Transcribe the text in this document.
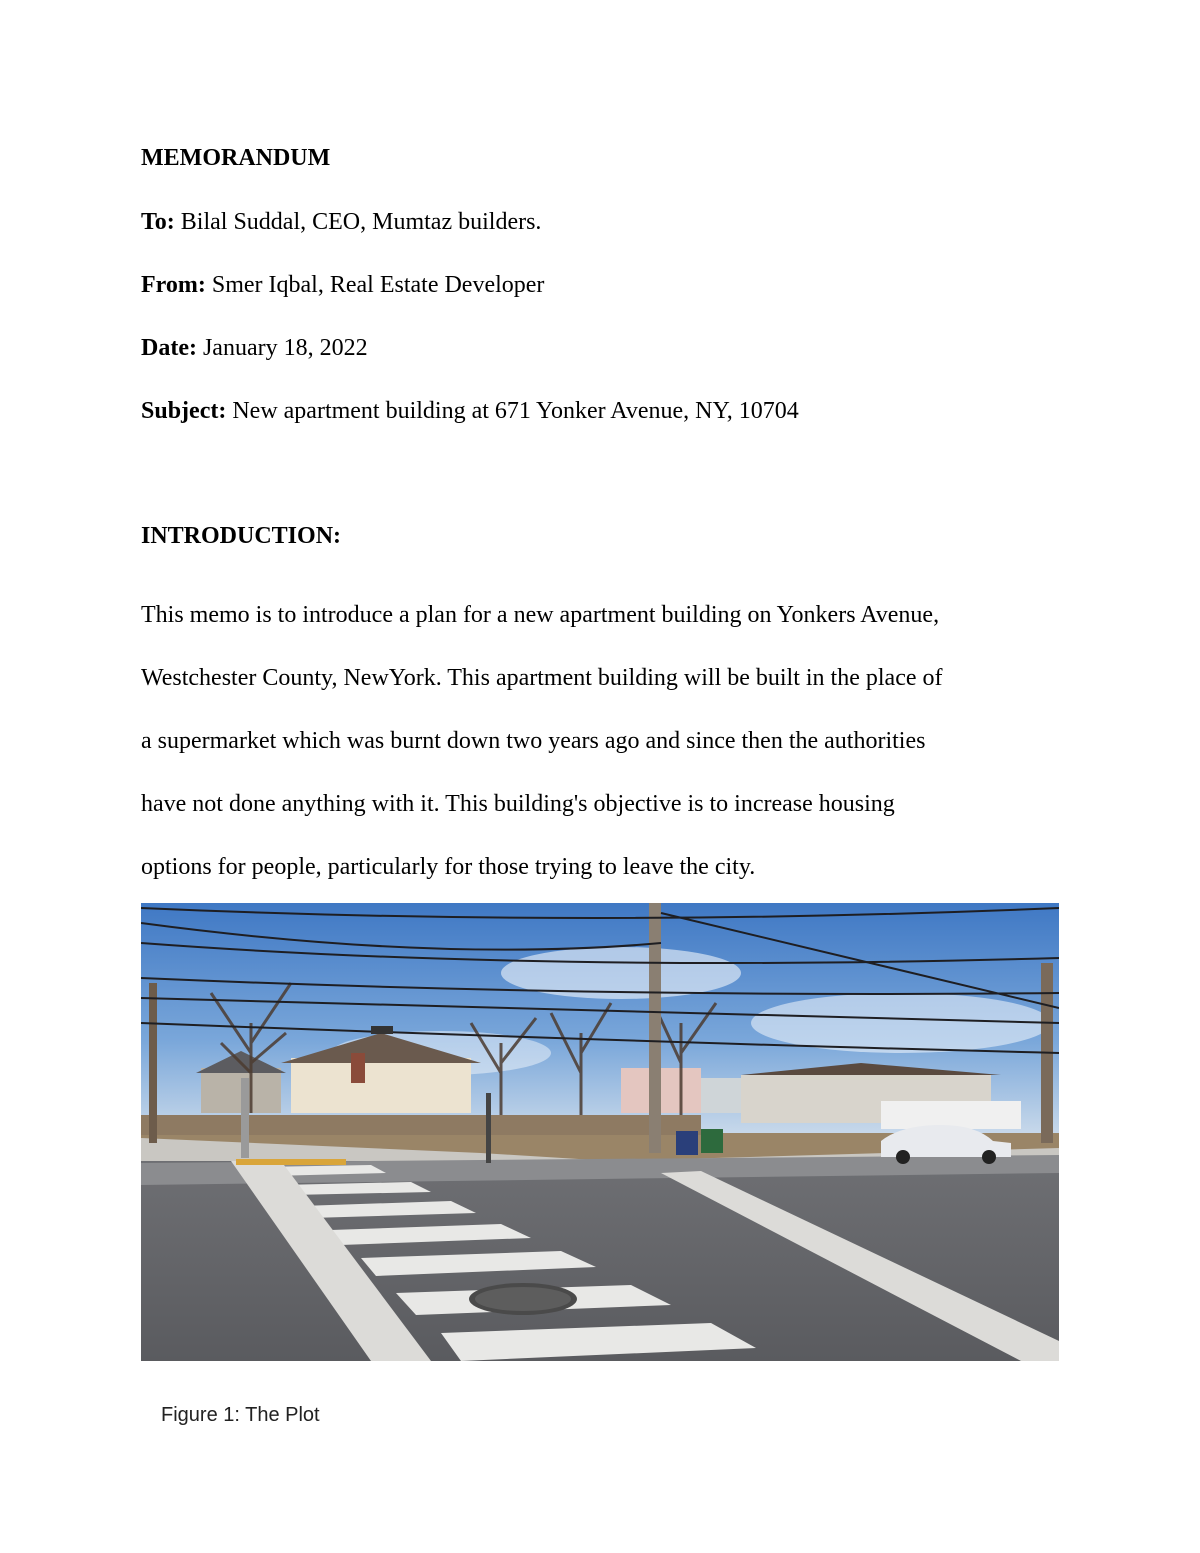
MEMORANDUM
To: Bilal Suddal, CEO, Mumtaz builders.
From: Smer Iqbal, Real Estate Developer
Date: January 18, 2022
Subject: New apartment building at 671 Yonker Avenue, NY, 10704
INTRODUCTION:
This memo is to introduce a plan for a new apartment building on Yonkers Avenue,
Westchester County, NewYork. This apartment building will be built in the place of
a supermarket which was burnt down two years ago and since then the authorities
have not done anything with it. This building's objective is to increase housing
options for people, particularly for those trying to leave the city.
Figure 1: The Plot
